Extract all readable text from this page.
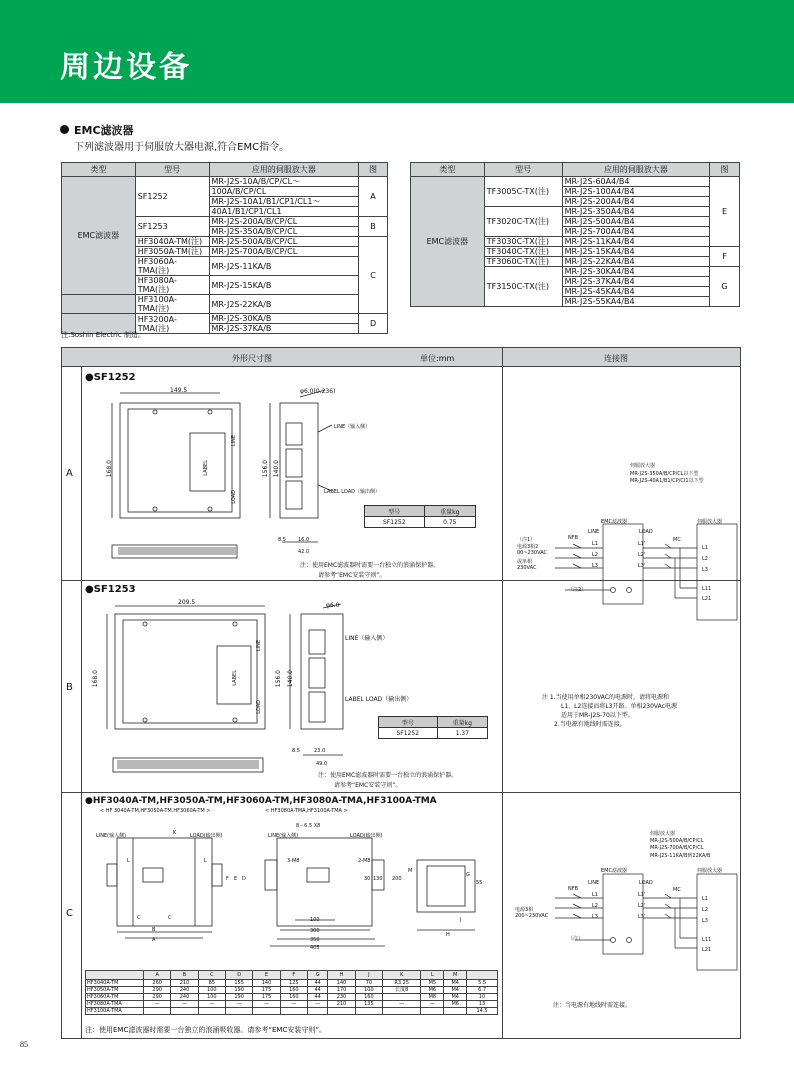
周边设备
EMC滤波器
下列滤波器用于伺服放大器电源,符合EMC指令。
类型	型号	应用的伺服放大器	图
EMC滤波器	SF1252	MR-J2S-10A/B/CP/CL～	A
		100A/B/CP/CL	
		MR-J2S-10A1/B1/CP1/CL1～	
		40A1/B1/CP1/CL1	
	SF1253	MR-J2S-200A/B/CP/CL	B
		MR-J2S-350A/B/CP/CL	
	HF3040A-TM(注)	MR-J2S-500A/B/CP/CL	C
	HF3050A-TM(注)	MR-J2S-700A/B/CP/CL	
	HF3060A-TMA(注)	MR-J2S-11KA/B	
	HF3080A-TMA(注)	MR-J2S-15KA/B	
	HF3100A-TMA(注)	MR-J2S-22KA/B	
	HF3200A-TMA(注)	MR-J2S-30KA/B	D
		MR-J2S-37KA/B	
类型	型号	应用的伺服放大器	图
EMC滤波器	TF3005C-TX(注)	MR-J2S-60A4/B4	E
		MR-J2S-100A4/B4	
		MR-J2S-200A4/B4	
	TF3020C-TX(注)	MR-J2S-350A4/B4	
		MR-J2S-500A4/B4	
		MR-J2S-700A4/B4	
	TF3030C-TX(注)	MR-J2S-11KA4/B4	
	TF3040C-TX(注)	MR-J2S-15KA4/B4	F
	TF3060C-TX(注)	MR-J2S-22KA4/B4	
	TF3150C-TX(注)	MR-J2S-30KA4/B4	G
		MR-J2S-37KA4/B4	
		MR-J2S-45KA4/B4	
		MR-J2S-55KA4/B4	
注:Soshin Electric 制造。
外形尺寸图	单位:mm	连接图
A
B
C
●SF1252
149.5	φ6.0(0.236)
168.0	156.0 140.0
LABEL
LINE
LOAD
LINE（输入侧）
LABEL LOAD（输出侧）
8.5 16.0
42.0
型号	重量kg
SF1252	0.75
注：使用EMC滤波器时需要一台独立的浪涌保护器。
请参考“EMC安装守则”。
●SF1253
209.5	φ6.0
168.0	156.0 140.0
LABEL
LINE
LOAD
LINE（输入侧）
LABEL LOAD（输出侧）
8.5	23.0
49.0
型号	重量kg
SF1252	1.37
注：使用EMC滤波器时需要一台独立的浪涌保护器。
请参考“EMC安装守则”。
●HF3040A-TM,HF3050A-TM,HF3060A-TM,HF3080A-TMA,HF3100A-TMA
< HF 3040A-TM,HF3050A-TM,HF3060A-TM >	< HF3080A-TMA,HF3100A-TMA >
LINE(输入侧)	K	LOAD(输出侧)	LINE(输入侧)	LOAD(输出侧)
8－6.5 X8
3-M8	2-M8
L	L
F E D
C	C
B
A
100
300
350
405
30 130 200
55
G
M
J
H
	A	B	C	D	E	F	G	H	J	K	L	M	
HF3040A-TM	260	210	85	155	140	125	44	140	70	R3.25	M5	M4	5.5
HF3050A-TM	290	240	100	190	175	160	44	170	100	长度8	M6	M4	6.7
HF3060A-TM	290	240	100	190	175	160	44	230	160		M8	M4	10
HF3080A-TMA	—	—	—	—	—	—	—	210	135	—	—	M6	13
HF3100A-TMA													14.5
注：使用EMC滤波器时需要一台独立的浪涌吸收器。请参考“EMC安装守则”。
伺服放大器
MR-J2S-350A/B/CP/CL以下型
MR-J2S-40A1/B1/CP/CI1以下型
EMC滤波器	伺服放大器
LINE	LOAD
NFB	MC
（注1）
电源3相2
00~230VAC
或单相
230VAC
L1
L2
L3
L1'
L2'
L3'
L1
L2
L3
L11
L21
（注2）
注 1.当使用单相230VAC的电源时，请将电源和
L1、L2连接而将L3开路。单相230VAc电源
适用于MR-J2S-70以下型。
2.当电源有地线时需连接。
伺服放大器
MR-J2S-500A/B/CP/CL
MR-J2S-700A/B/CP/CL
MR-J2S-11KA/B到22KA/B
EMC滤波器	伺服放大器
LINE	LOAD
NFB	MC
电源3相
200~230VAC
L1
L2
L3
L1'
L2'
L3'
L1
L2
L3
L11
L21
（注）
注：当电源有地线时需连接。
85
